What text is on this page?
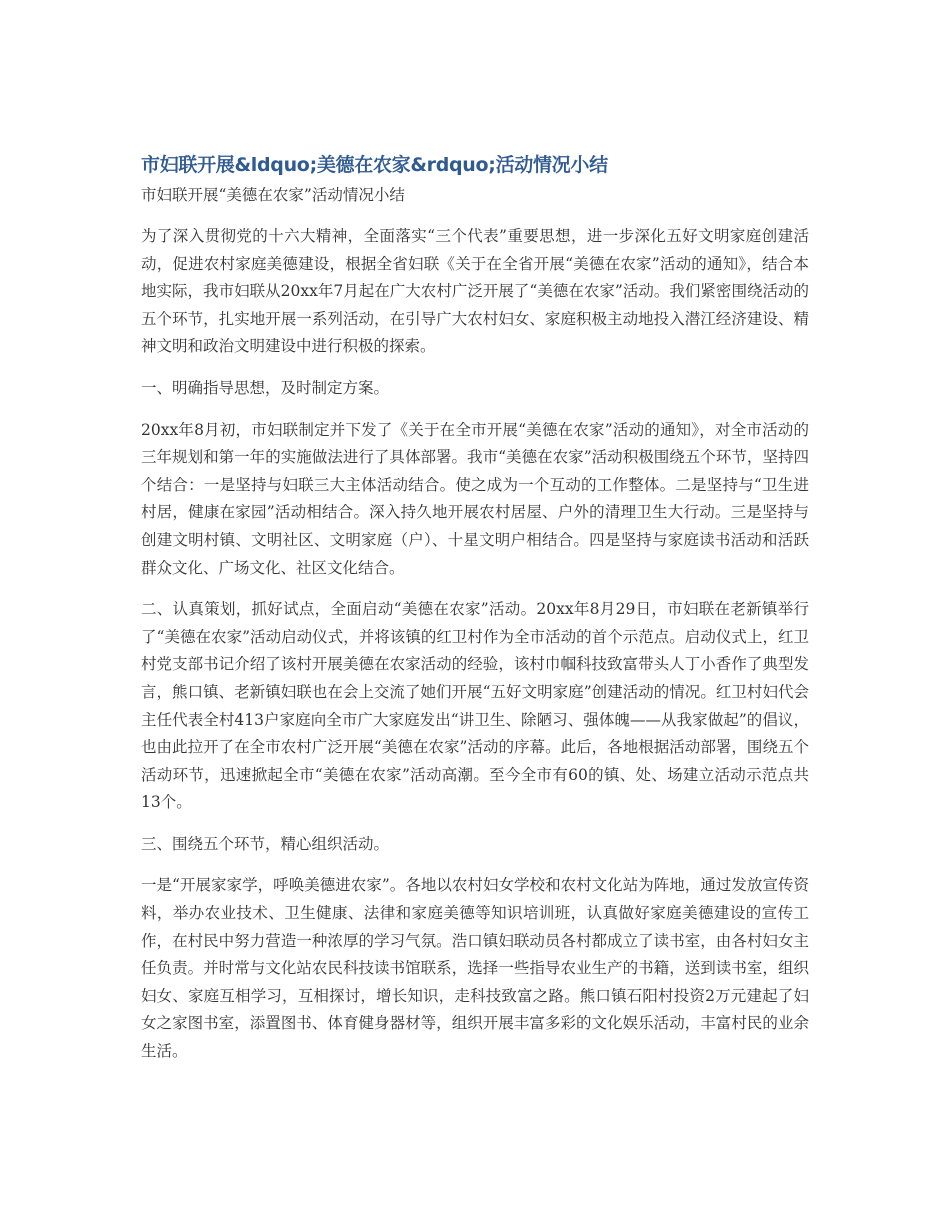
市妇联开展&ldquo;美德在农家&rdquo;活动情况小结

市妇联开展“美德在农家”活动情况小结

为了深入贯彻党的十六大精神，全面落实“三个代表”重要思想，进一步深化五好文明家庭创建活动，促进农村家庭美德建设，根据全省妇联《关于在全省开展“美德在农家”活动的通知》，结合本地实际，我市妇联从20xx年7月起在广大农村广泛开展了“美德在农家”活动。我们紧密围绕活动的五个环节，扎实地开展一系列活动，在引导广大农村妇女、家庭积极主动地投入潜江经济建设、精神文明和政治文明建设中进行积极的探索。

一、明确指导思想，及时制定方案。

20xx年8月初，市妇联制定并下发了《关于在全市开展“美德在农家”活动的通知》，对全市活动的三年规划和第一年的实施做法进行了具体部署。我市“美德在农家”活动积极围绕五个环节，坚持四个结合：一是坚持与妇联三大主体活动结合。使之成为一个互动的工作整体。二是坚持与“卫生进村居，健康在家园”活动相结合。深入持久地开展农村居屋、户外的清理卫生大行动。三是坚持与创建文明村镇、文明社区、文明家庭（户）、十星文明户相结合。四是坚持与家庭读书活动和活跃群众文化、广场文化、社区文化结合。

二、认真策划，抓好试点，全面启动“美德在农家”活动。20xx年8月29日，市妇联在老新镇举行了“美德在农家”活动启动仪式，并将该镇的红卫村作为全市活动的首个示范点。启动仪式上，红卫村党支部书记介绍了该村开展美德在农家活动的经验，该村巾帼科技致富带头人丁小香作了典型发言，熊口镇、老新镇妇联也在会上交流了她们开展“五好文明家庭”创建活动的情况。红卫村妇代会主任代表全村413户家庭向全市广大家庭发出“讲卫生、除陋习、强体魄——从我家做起”的倡议，也由此拉开了在全市农村广泛开展“美德在农家”活动的序幕。此后，各地根据活动部署，围绕五个活动环节，迅速掀起全市“美德在农家”活动高潮。至今全市有60的镇、处、场建立活动示范点共13个。

三、围绕五个环节，精心组织活动。

一是“开展家家学，呼唤美德进农家”。各地以农村妇女学校和农村文化站为阵地，通过发放宣传资料，举办农业技术、卫生健康、法律和家庭美德等知识培训班，认真做好家庭美德建设的宣传工作，在村民中努力营造一种浓厚的学习气氛。浩口镇妇联动员各村都成立了读书室，由各村妇女主任负责。并时常与文化站农民科技读书馆联系，选择一些指导农业生产的书籍，送到读书室，组织妇女、家庭互相学习，互相探讨，增长知识，走科技致富之路。熊口镇石阳村投资2万元建起了妇女之家图书室，添置图书、体育健身器材等，组织开展丰富多彩的文化娱乐活动，丰富村民的业余生活。
